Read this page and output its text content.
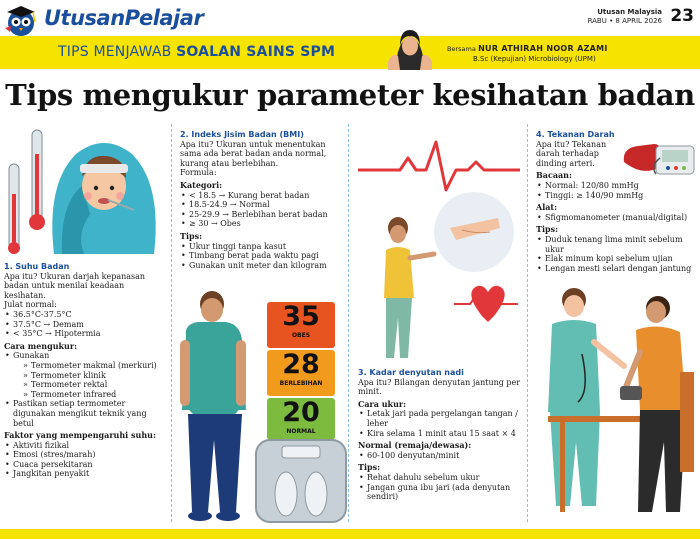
UtusanPelajar	Utusan Malaysia
RABU • 8 APRIL 2026 23
TIPS MENJAWAB SOALAN SAINS SPM	Bersama NUR ATHIRAH NOOR AZAMI
B.Sc (Kepujian) Microbiology (UPM)
Tips mengukur parameter kesihatan badan
1. Suhu Badan
Apa itu? Ukuran darjah kepanasan badan untuk menilai keadaan kesihatan.
Julat normal:
• 36.5°C-37.5°C
• 37.5°C → Demam
• < 35°C → Hipotermia
Cara mengukur:
• Gunakan
» Termometer makmal (merkuri)
» Termometer klinik
» Termometer rektal
» Termometer infrared
• Pastikan setiap termometer digunakan mengikut teknik yang betul
Faktor yang mempengaruhi suhu:
• Aktiviti fizikal
• Emosi (stres/marah)
• Cuaca persekitaran
• Jangkitan penyakit
2. Indeks Jisim Badan (BMI)
Apa itu? Ukuran untuk menentukan sama ada berat badan anda normal, kurang atau berlebihan.
Formula:
Kategori:
• < 18.5 → Kurang berat badan
• 18.5-24.9 → Normal
• 25-29.9 → Berlebihan berat badan
• ≥ 30 → Obes
Tips:
• Ukur tinggi tanpa kasut
• Timbang berat pada waktu pagi
• Gunakan unit meter dan kilogram
35
OBES
28
BERLEBIHAN
20
NORMAL
3. Kadar denyutan nadi
Apa itu? Bilangan denyutan jantung per minit.
Cara ukur:
• Letak jari pada pergelangan tangan / leher
• Kira selama 1 minit atau 15 saat × 4
Normal (remaja/dewasa):
• 60-100 denyutan/minit
Tips:
• Rehat dahulu sebelum ukur
• Jangan guna ibu jari (ada denyutan sendiri)
4. Tekanan Darah
Apa itu? Tekanan darah terhadap dinding arteri.
Bacaan:
• Normal: 120/80 mmHg
• Tinggi: ≥ 140/90 mmHg
Alat:
• Sfigmomanometer (manual/digital)
Tips:
• Duduk tenang lima minit sebelum ukur
• Elak minum kopi sebelum ujian
• Lengan mesti selari dengan jantung
